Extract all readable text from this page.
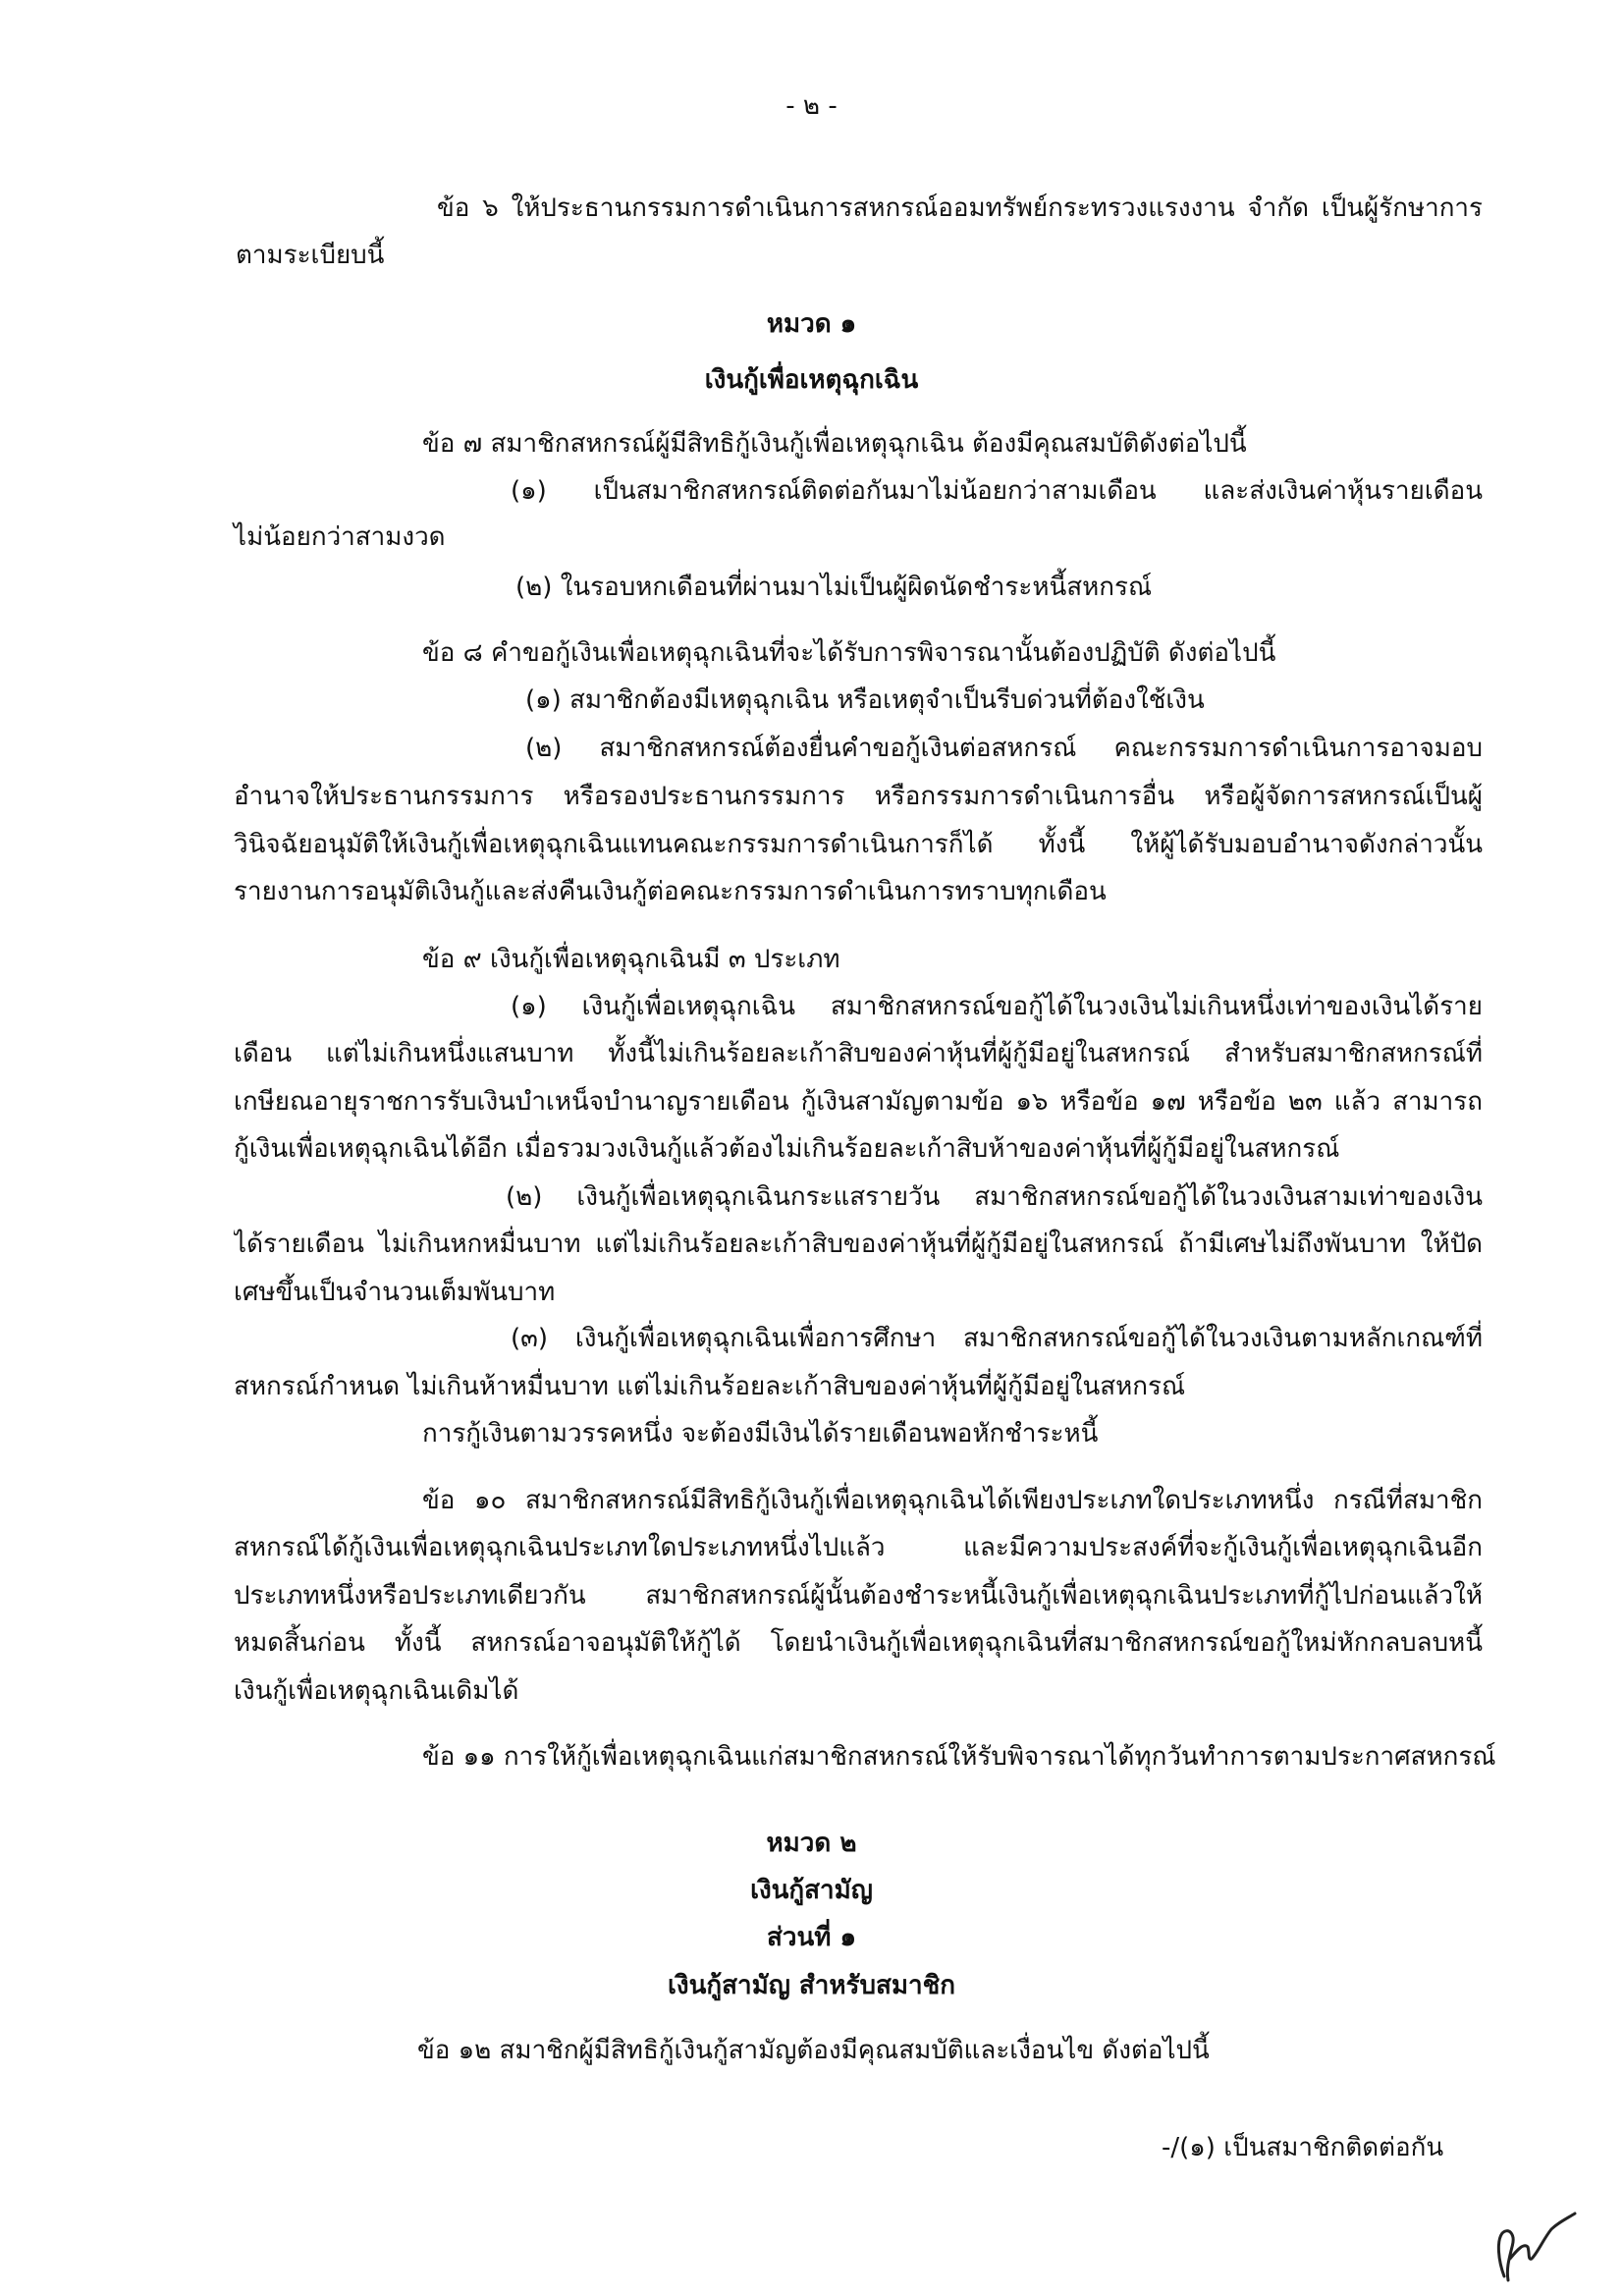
- ๒ -
ข้อ ๖ ให้ประธานกรรมการดำเนินการสหกรณ์ออมทรัพย์กระทรวงแรงงาน จำกัด เป็นผู้รักษาการ
ตามระเบียบนี้
หมวด ๑
เงินกู้เพื่อเหตุฉุกเฉิน
ข้อ ๗ สมาชิกสหกรณ์ผู้มีสิทธิกู้เงินกู้เพื่อเหตุฉุกเฉิน ต้องมีคุณสมบัติดังต่อไปนี้
(๑) เป็นสมาชิกสหกรณ์ติดต่อกันมาไม่น้อยกว่าสามเดือน และส่งเงินค่าหุ้นรายเดือน
ไม่น้อยกว่าสามงวด
(๒) ในรอบหกเดือนที่ผ่านมาไม่เป็นผู้ผิดนัดชำระหนี้สหกรณ์
ข้อ ๘ คำขอกู้เงินเพื่อเหตุฉุกเฉินที่จะได้รับการพิจารณานั้นต้องปฏิบัติ ดังต่อไปนี้
(๑) สมาชิกต้องมีเหตุฉุกเฉิน หรือเหตุจำเป็นรีบด่วนที่ต้องใช้เงิน
(๒) สมาชิกสหกรณ์ต้องยื่นคำขอกู้เงินต่อสหกรณ์ คณะกรรมการดำเนินการอาจมอบ
อำนาจให้ประธานกรรมการ หรือรองประธานกรรมการ หรือกรรมการดำเนินการอื่น หรือผู้จัดการสหกรณ์เป็นผู้
วินิจฉัยอนุมัติให้เงินกู้เพื่อเหตุฉุกเฉินแทนคณะกรรมการดำเนินการก็ได้ ทั้งนี้ ให้ผู้ได้รับมอบอำนาจดังกล่าวนั้น
รายงานการอนุมัติเงินกู้และส่งคืนเงินกู้ต่อคณะกรรมการดำเนินการทราบทุกเดือน
ข้อ ๙ เงินกู้เพื่อเหตุฉุกเฉินมี ๓ ประเภท
(๑) เงินกู้เพื่อเหตุฉุกเฉิน สมาชิกสหกรณ์ขอกู้ได้ในวงเงินไม่เกินหนึ่งเท่าของเงินได้ราย
เดือน แต่ไม่เกินหนึ่งแสนบาท ทั้งนี้ไม่เกินร้อยละเก้าสิบของค่าหุ้นที่ผู้กู้มีอยู่ในสหกรณ์ สำหรับสมาชิกสหกรณ์ที่
เกษียณอายุราชการรับเงินบำเหน็จบำนาญรายเดือน กู้เงินสามัญตามข้อ ๑๖ หรือข้อ ๑๗ หรือข้อ ๒๓ แล้ว สามารถ
กู้เงินเพื่อเหตุฉุกเฉินได้อีก เมื่อรวมวงเงินกู้แล้วต้องไม่เกินร้อยละเก้าสิบห้าของค่าหุ้นที่ผู้กู้มีอยู่ในสหกรณ์
(๒) เงินกู้เพื่อเหตุฉุกเฉินกระแสรายวัน สมาชิกสหกรณ์ขอกู้ได้ในวงเงินสามเท่าของเงิน
ได้รายเดือน ไม่เกินหกหมื่นบาท แต่ไม่เกินร้อยละเก้าสิบของค่าหุ้นที่ผู้กู้มีอยู่ในสหกรณ์ ถ้ามีเศษไม่ถึงพันบาท ให้ปัด
เศษขึ้นเป็นจำนวนเต็มพันบาท
(๓) เงินกู้เพื่อเหตุฉุกเฉินเพื่อการศึกษา สมาชิกสหกรณ์ขอกู้ได้ในวงเงินตามหลักเกณฑ์ที่
สหกรณ์กำหนด ไม่เกินห้าหมื่นบาท แต่ไม่เกินร้อยละเก้าสิบของค่าหุ้นที่ผู้กู้มีอยู่ในสหกรณ์
การกู้เงินตามวรรคหนึ่ง จะต้องมีเงินได้รายเดือนพอหักชำระหนี้
ข้อ ๑๐ สมาชิกสหกรณ์มีสิทธิกู้เงินกู้เพื่อเหตุฉุกเฉินได้เพียงประเภทใดประเภทหนึ่ง กรณีที่สมาชิก
สหกรณ์ได้กู้เงินเพื่อเหตุฉุกเฉินประเภทใดประเภทหนึ่งไปแล้ว และมีความประสงค์ที่จะกู้เงินกู้เพื่อเหตุฉุกเฉินอีก
ประเภทหนึ่งหรือประเภทเดียวกัน สมาชิกสหกรณ์ผู้นั้นต้องชำระหนี้เงินกู้เพื่อเหตุฉุกเฉินประเภทที่กู้ไปก่อนแล้วให้
หมดสิ้นก่อน ทั้งนี้ สหกรณ์อาจอนุมัติให้กู้ได้ โดยนำเงินกู้เพื่อเหตุฉุกเฉินที่สมาชิกสหกรณ์ขอกู้ใหม่หักกลบลบหนี้
เงินกู้เพื่อเหตุฉุกเฉินเดิมได้
ข้อ ๑๑ การให้กู้เพื่อเหตุฉุกเฉินแก่สมาชิกสหกรณ์ให้รับพิจารณาได้ทุกวันทำการตามประกาศสหกรณ์
หมวด ๒
เงินกู้สามัญ
ส่วนที่ ๑
เงินกู้สามัญ สำหรับสมาชิก
ข้อ ๑๒ สมาชิกผู้มีสิทธิกู้เงินกู้สามัญต้องมีคุณสมบัติและเงื่อนไข ดังต่อไปนี้
-/(๑) เป็นสมาชิกติดต่อกัน
